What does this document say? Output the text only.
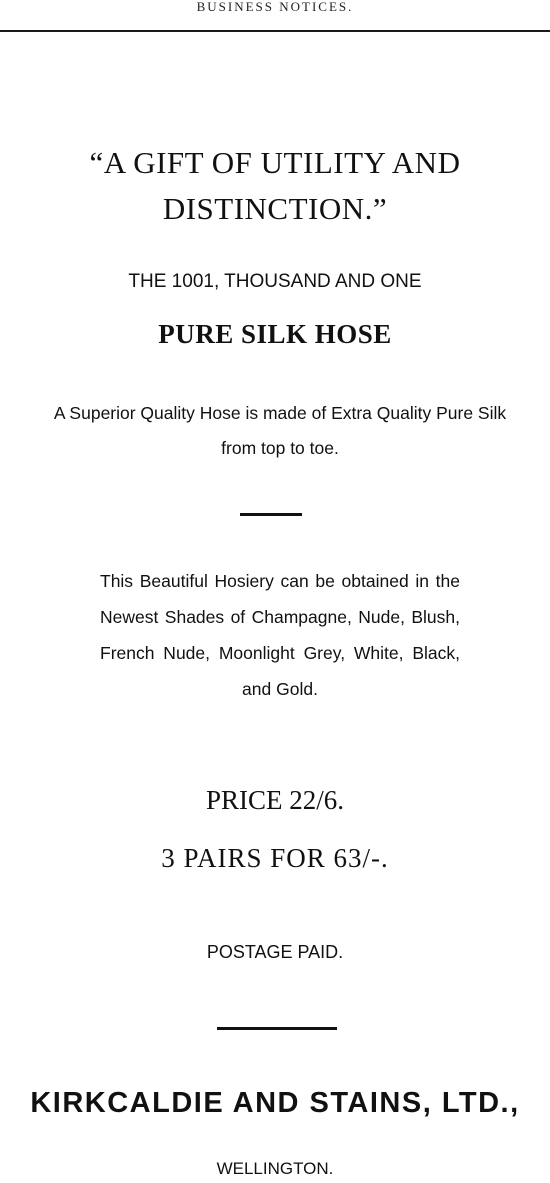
BUSINESS NOTICES.
“A GIFT OF UTILITY AND DISTINCTION.”
THE 1001, THOUSAND AND ONE
PURE SILK HOSE
A Superior Quality Hose is made of Extra Quality Pure Silk from top to toe.
This Beautiful Hosiery can be obtained in the Newest Shades of Champagne, Nude, Blush, French Nude, Moonlight Grey, White, Black, and Gold.
PRICE 22/6.
3 PAIRS FOR 63/-.
POSTAGE PAID.
KIRKCALDIE AND STAINS, LTD.,
WELLINGTON.
